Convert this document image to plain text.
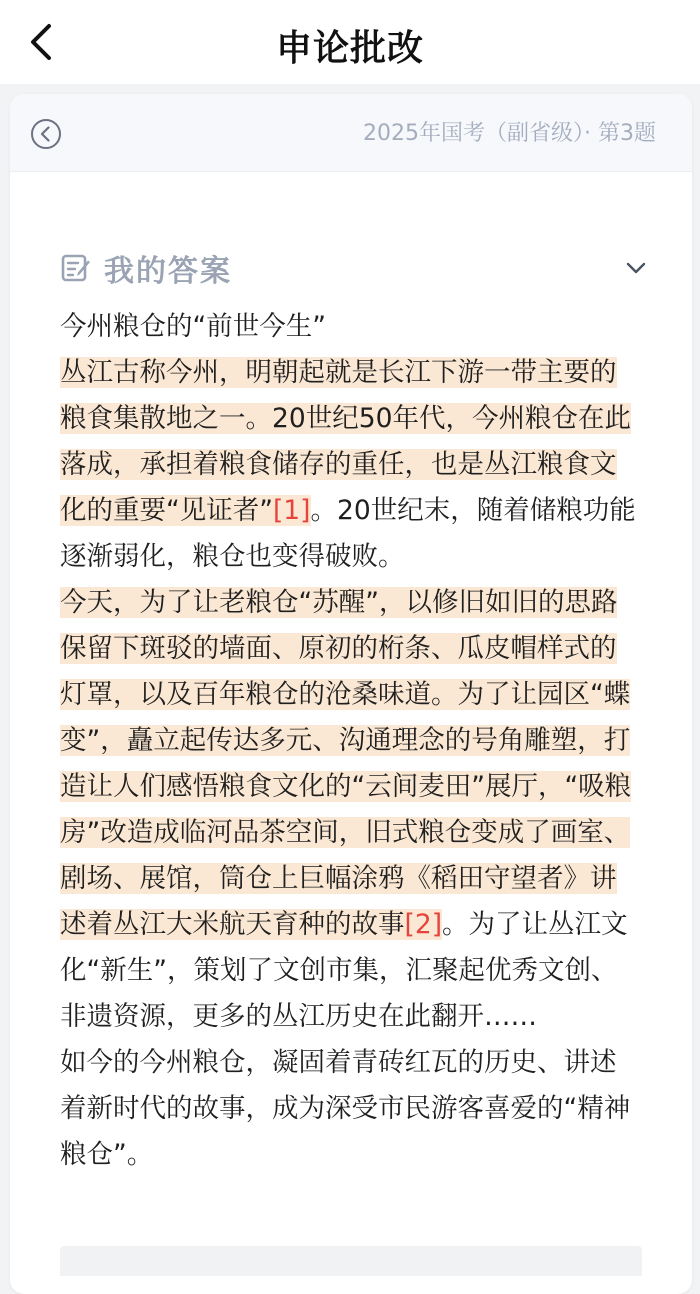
申论批改
2025年国考（副省级）· 第3题
我的答案

今州粮仓的“前世今生”

丛江古称今州，明朝起就是长江下游一带主要的粮食集散地之一。20世纪50年代，今州粮仓在此落成，承担着粮食储存的重任，也是丛江粮食文化的重要“见证者”[1]。20世纪末，随着储粮功能逐渐弱化，粮仓也变得破败。

今天，为了让老粮仓“苏醒”，以修旧如旧的思路保留下斑驳的墙面、原初的桁条、瓜皮帽样式的灯罩，以及百年粮仓的沧桑味道。为了让园区“蝶变”，矗立起传达多元、沟通理念的号角雕塑，打造让人们感悟粮食文化的“云间麦田”展厅，“吸粮房”改造成临河品茶空间，旧式粮仓变成了画室、剧场、展馆，筒仓上巨幅涂鸦《稻田守望者》讲述着丛江大米航天育种的故事[2]。为了让丛江文化“新生”，策划了文创市集，汇聚起优秀文创、非遗资源，更多的丛江历史在此翻开……

如今的今州粮仓，凝固着青砖红瓦的历史、讲述着新时代的故事，成为深受市民游客喜爱的“精神粮仓”。
